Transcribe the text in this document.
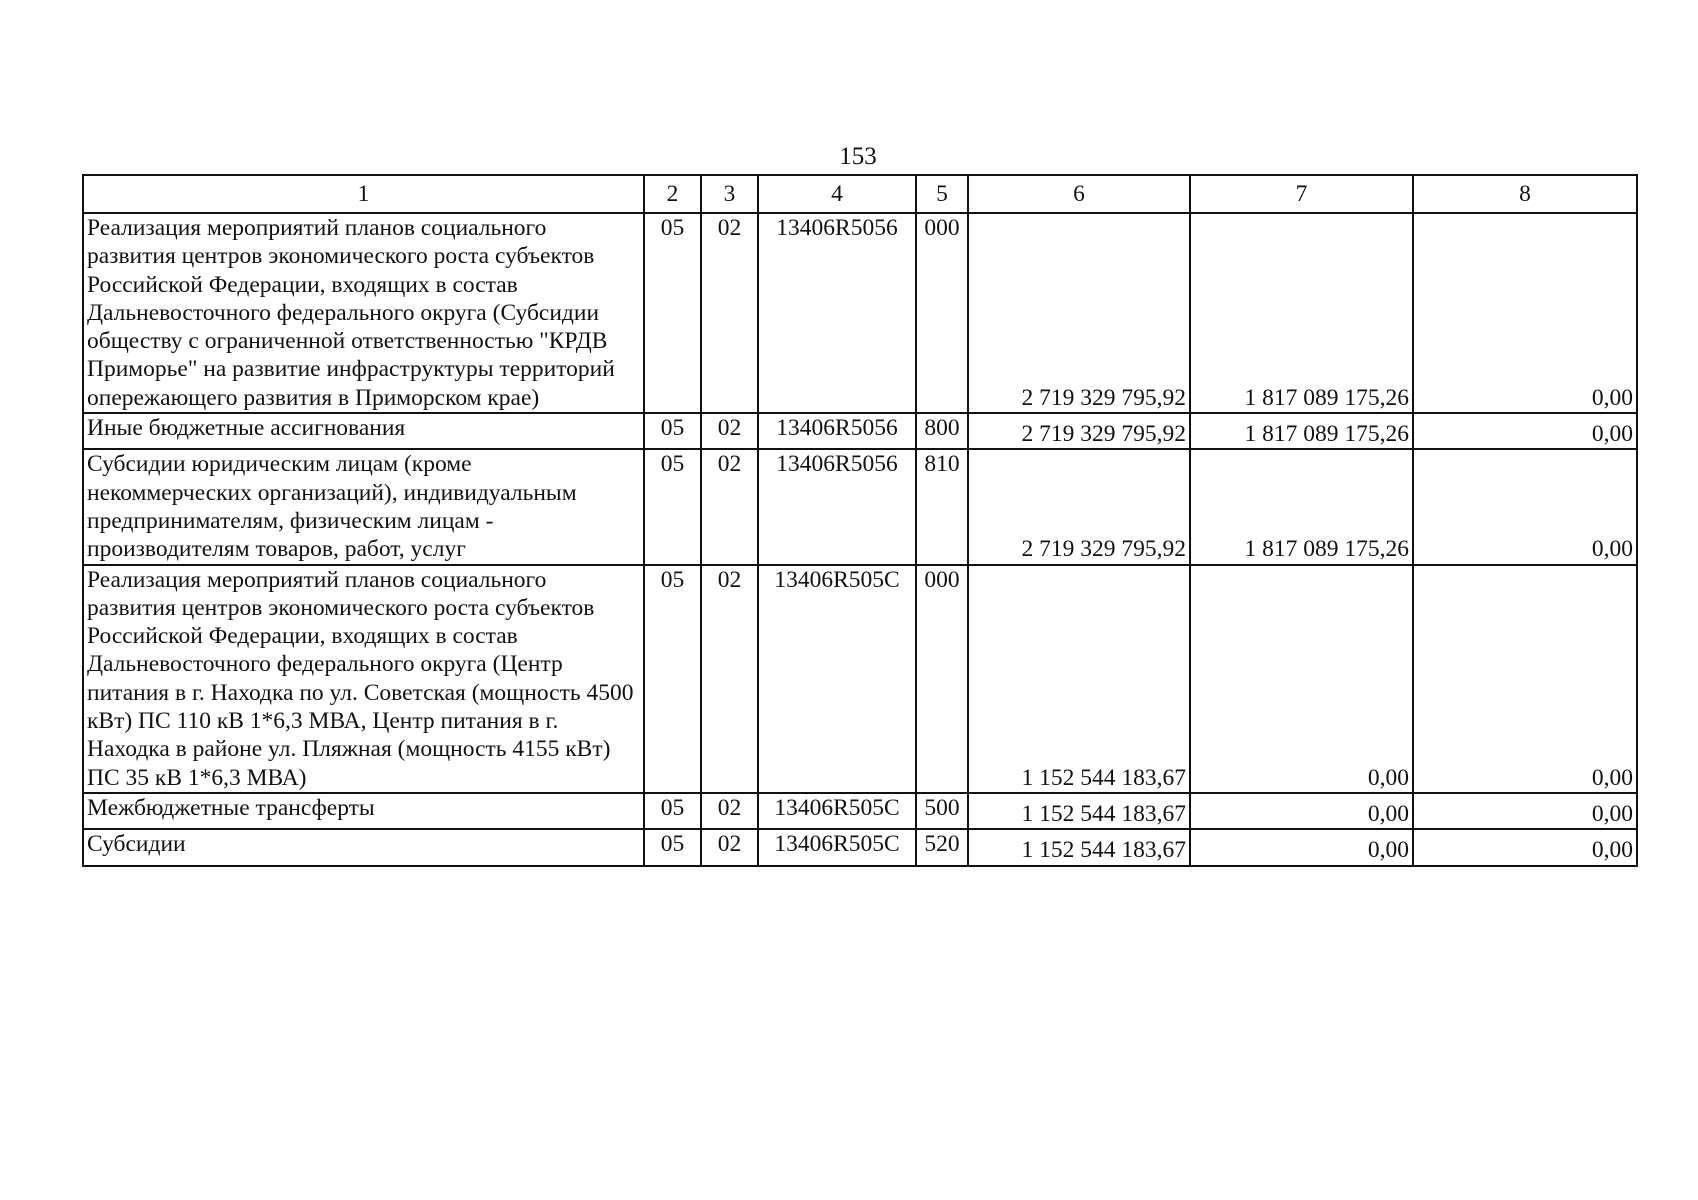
153
1	2	3	4	5	6	7	8
Реализация мероприятий планов социального развития центров экономического роста субъектов Российской Федерации, входящих в состав Дальневосточного федерального округа (Субсидии обществу с ограниченной ответственностью "КРДВ Приморье" на развитие инфраструктуры территорий опережающего развития в Приморском крае)	05	02	13406R5056	000	2 719 329 795,92	1 817 089 175,26	0,00
Иные бюджетные ассигнования	05	02	13406R5056	800	2 719 329 795,92	1 817 089 175,26	0,00
Субсидии юридическим лицам (кроме некоммерческих организаций), индивидуальным предпринимателям, физическим лицам - производителям товаров, работ, услуг	05	02	13406R5056	810	2 719 329 795,92	1 817 089 175,26	0,00
Реализация мероприятий планов социального развития центров экономического роста субъектов Российской Федерации, входящих в состав Дальневосточного федерального округа (Центр питания в г. Находка по ул. Советская (мощность 4500 кВт) ПС 110 кВ 1*6,3 МВА, Центр питания в г. Находка в районе ул. Пляжная (мощность 4155 кВт) ПС 35 кВ 1*6,3 МВА)	05	02	13406R505С	000	1 152 544 183,67	0,00	0,00
Межбюджетные трансферты	05	02	13406R505С	500	1 152 544 183,67	0,00	0,00
Субсидии	05	02	13406R505С	520	1 152 544 183,67	0,00	0,00
